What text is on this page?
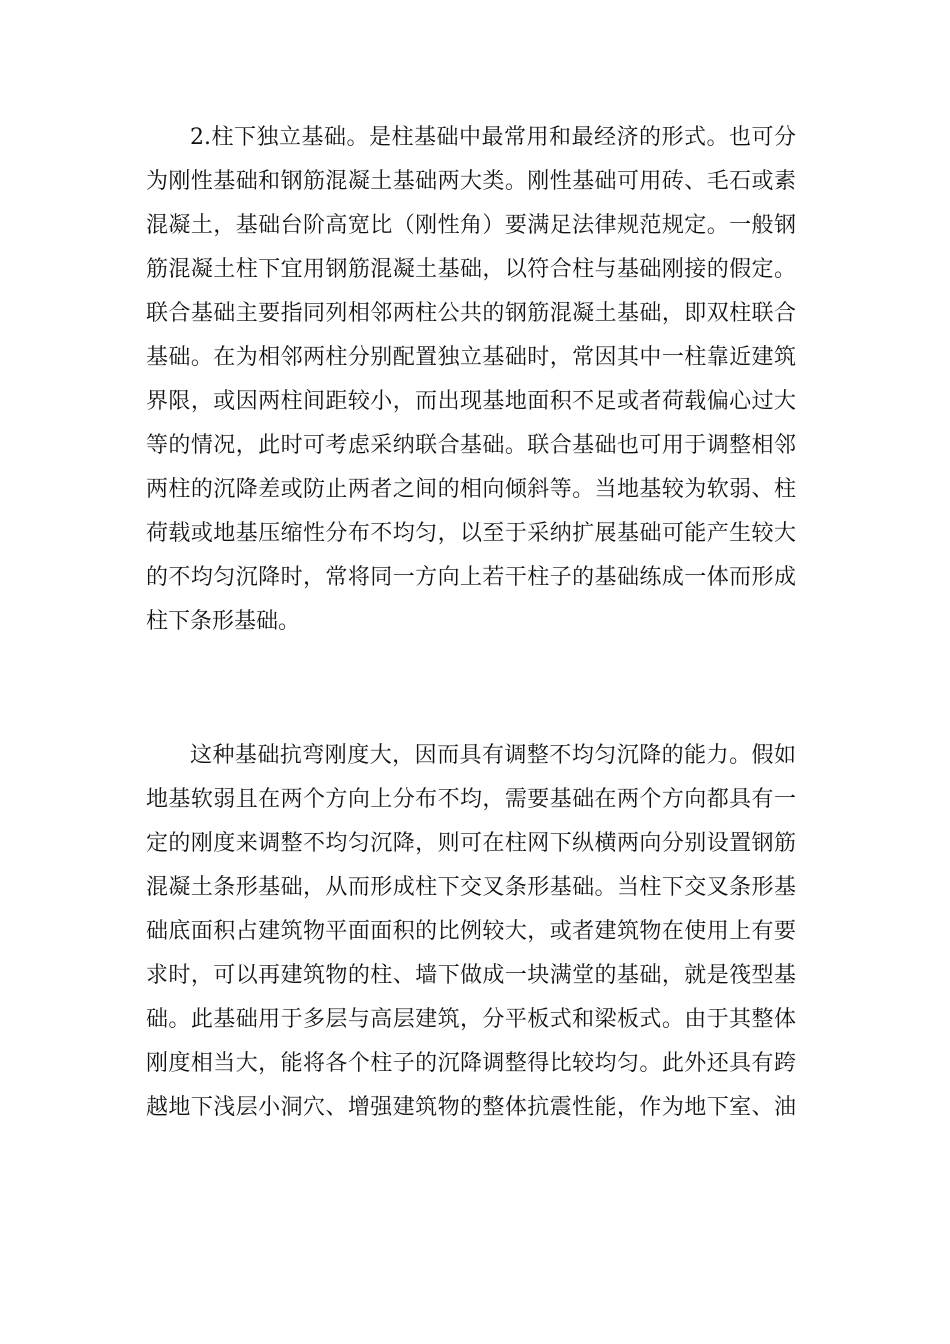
2.柱下独立基础。是柱基础中最常用和最经济的形式。也可分
为刚性基础和钢筋混凝土基础两大类。刚性基础可用砖、毛石或素
混凝土，基础台阶高宽比（刚性角）要满足法律规范规定。一般钢
筋混凝土柱下宜用钢筋混凝土基础，以符合柱与基础刚接的假定。
联合基础主要指同列相邻两柱公共的钢筋混凝土基础，即双柱联合
基础。在为相邻两柱分别配置独立基础时，常因其中一柱靠近建筑
界限，或因两柱间距较小，而出现基地面积不足或者荷载偏心过大
等的情况，此时可考虑采纳联合基础。联合基础也可用于调整相邻
两柱的沉降差或防止两者之间的相向倾斜等。当地基较为软弱、柱
荷载或地基压缩性分布不均匀，以至于采纳扩展基础可能产生较大
的不均匀沉降时，常将同一方向上若干柱子的基础练成一体而形成
柱下条形基础。
这种基础抗弯刚度大，因而具有调整不均匀沉降的能力。假如
地基软弱且在两个方向上分布不均，需要基础在两个方向都具有一
定的刚度来调整不均匀沉降，则可在柱网下纵横两向分别设置钢筋
混凝土条形基础，从而形成柱下交叉条形基础。当柱下交叉条形基
础底面积占建筑物平面面积的比例较大，或者建筑物在使用上有要
求时，可以再建筑物的柱、墙下做成一块满堂的基础，就是筏型基
础。此基础用于多层与高层建筑，分平板式和梁板式。由于其整体
刚度相当大，能将各个柱子的沉降调整得比较均匀。此外还具有跨
越地下浅层小洞穴、增强建筑物的整体抗震性能，作为地下室、油
